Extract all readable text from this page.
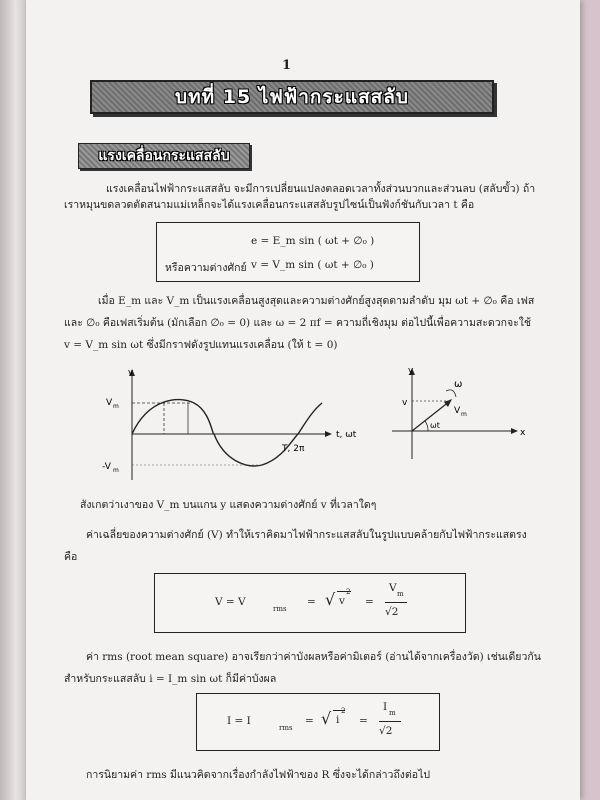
1
บทที่ 15 ไฟฟ้ากระแสสลับ
แรงเคลื่อนกระแสสลับ
แรงเคลื่อนไฟฟ้ากระแสสลับ จะมีการเปลี่ยนแปลงตลอดเวลาทั้งส่วนบวกและส่วนลบ (สลับขั้ว) ถ้า
เราหมุนขดลวดตัดสนามแม่เหล็กจะได้แรงเคลื่อนกระแสสลับรูปไซน์เป็นฟังก์ชันกับเวลา t คือ
e = E_m sin ( ωt + ∅₀ )
หรือความต่างศักย์ v = V_m sin ( ωt + ∅₀ )
เมื่อ E_m และ V_m เป็นแรงเคลื่อนสูงสุดและความต่างศักย์สูงสุดตามลำดับ มุม ωt + ∅₀ คือ เฟส
และ ∅₀ คือเฟสเริ่มต้น (มักเลือก ∅₀ = 0) และ ω = 2 πf = ความถี่เชิงมุม ต่อไปนี้เพื่อความสะดวกจะใช้
v = V_m sin ωt ซึ่งมีกราฟดังรูปแทนแรงเคลื่อน (ให้ t = 0)
v
V m
-V m
t, ωt
T, 2π
y
x
v
ω
ωt
V m
สังเกตว่าเงาของ V_m บนแกน y แสดงความต่างศักย์ v ที่เวลาใดๆ
ค่าเฉลี่ยของความต่างศักย์ (V) ทำให้เราคิดมาไฟฟ้ากระแสสลับในรูปแบบคล้ายกับไฟฟ้ากระแสตรง
คือ
V = V
rms
= √ v
2
=
V m
√2
ค่า rms (root mean square) อาจเรียกว่าค่าบังผลหรือค่ามิเตอร์ (อ่านได้จากเครื่องวัด) เช่นเดียวกัน
สำหรับกระแสสลับ i = I_m sin ωt ก็มีค่าบังผล
I = I
rms
= √ i
2
=
I m
√2
การนิยามค่า rms มีแนวคิดจากเรื่องกำลังไฟฟ้าของ R ซึ่งจะได้กล่าวถึงต่อไป
